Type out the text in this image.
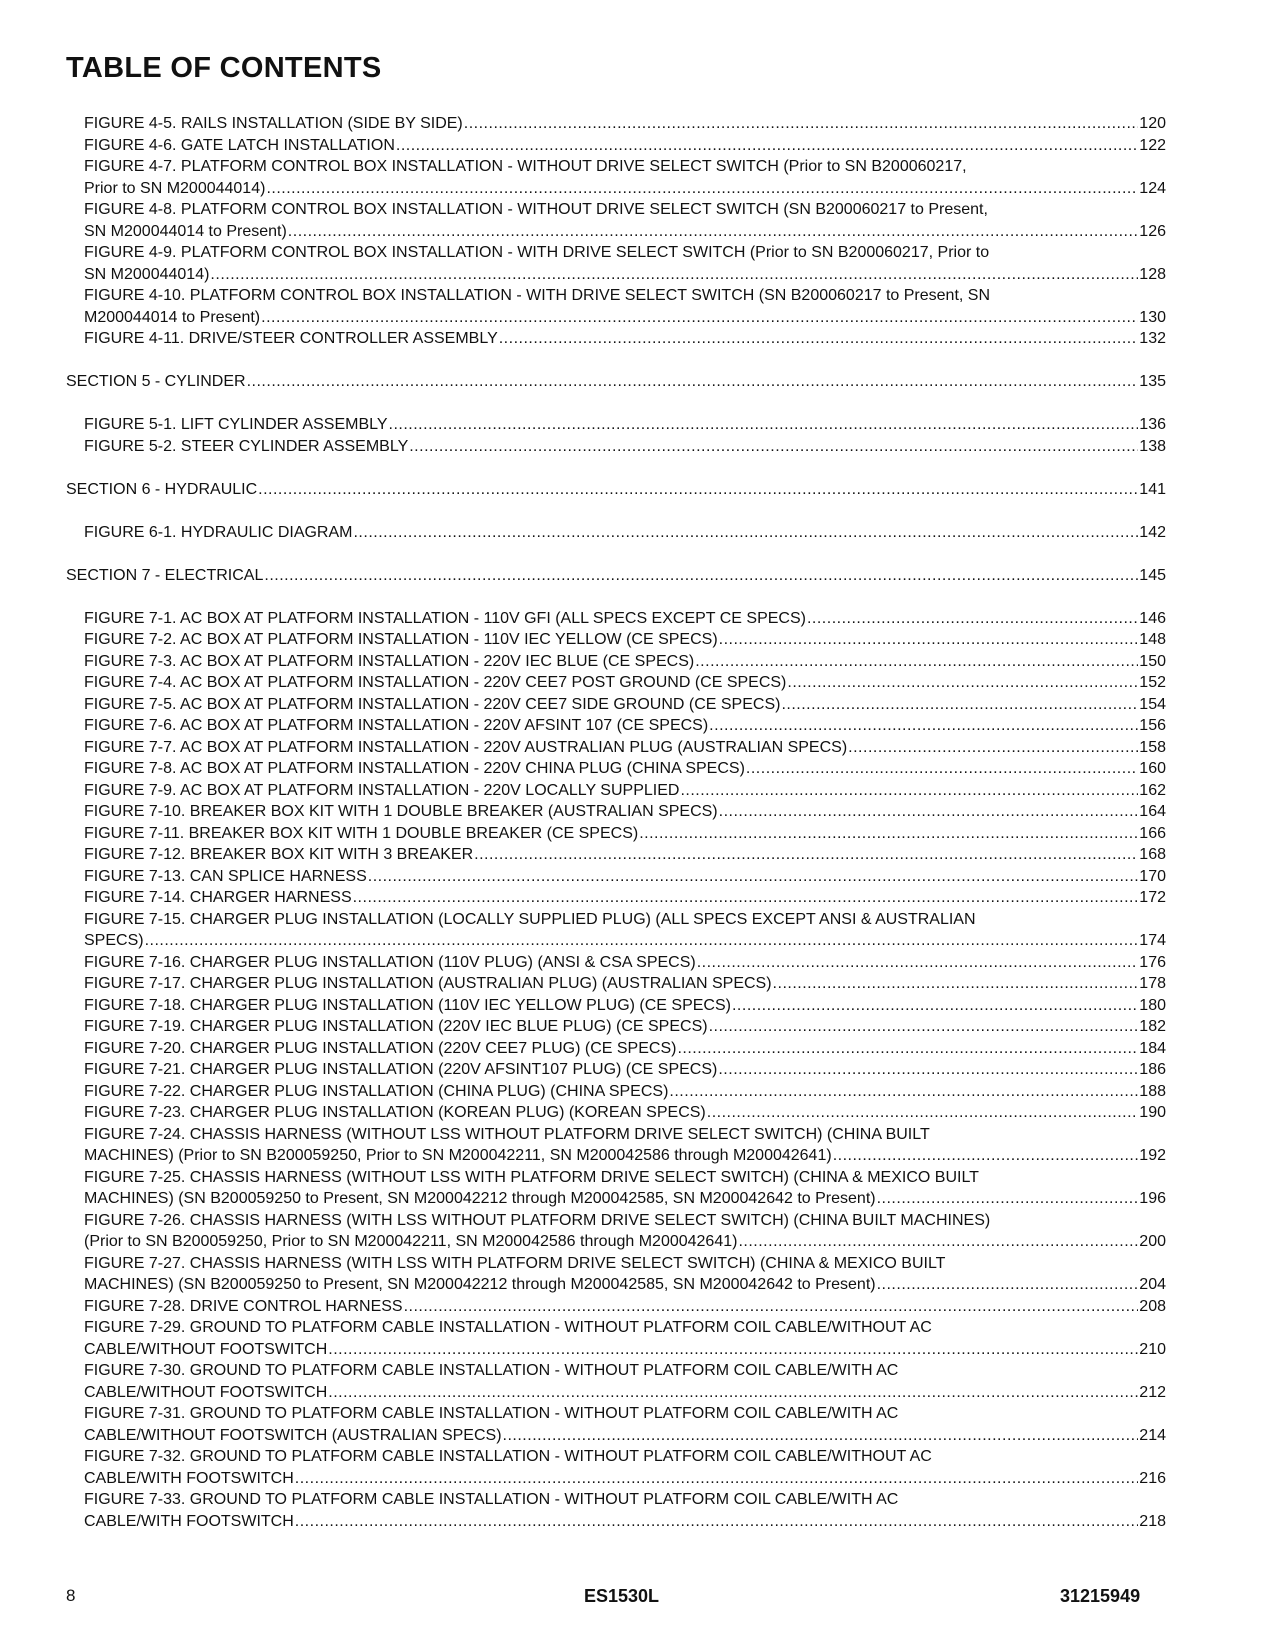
TABLE OF CONTENTS
FIGURE 4-5. RAILS INSTALLATION (SIDE BY SIDE) .....	120
FIGURE 4-6. GATE LATCH INSTALLATION .....	122
FIGURE 4-7. PLATFORM CONTROL BOX INSTALLATION - WITHOUT DRIVE SELECT SWITCH (Prior to SN B200060217,
Prior to SN M200044014) .....	124
FIGURE 4-8. PLATFORM CONTROL BOX INSTALLATION - WITHOUT DRIVE SELECT SWITCH (SN B200060217 to Present,
SN M200044014 to Present) .....	126
FIGURE 4-9. PLATFORM CONTROL BOX INSTALLATION - WITH DRIVE SELECT SWITCH (Prior to SN B200060217, Prior to
SN M200044014) .....	128
FIGURE 4-10. PLATFORM CONTROL BOX INSTALLATION - WITH DRIVE SELECT SWITCH (SN B200060217 to Present, SN
M200044014 to Present) .....	130
FIGURE 4-11. DRIVE/STEER CONTROLLER ASSEMBLY .....	132
SECTION 5 - CYLINDER .....	135
FIGURE 5-1. LIFT CYLINDER ASSEMBLY .....	136
FIGURE 5-2. STEER CYLINDER ASSEMBLY .....	138
SECTION 6 - HYDRAULIC .....	141
FIGURE 6-1. HYDRAULIC DIAGRAM .....	142
SECTION 7 - ELECTRICAL .....	145
FIGURE 7-1. AC BOX AT PLATFORM INSTALLATION - 110V GFI (ALL SPECS EXCEPT CE SPECS) .....	146
FIGURE 7-2. AC BOX AT PLATFORM INSTALLATION - 110V IEC YELLOW (CE SPECS) .....	148
FIGURE 7-3. AC BOX AT PLATFORM INSTALLATION - 220V IEC BLUE (CE SPECS) .....	150
FIGURE 7-4. AC BOX AT PLATFORM INSTALLATION - 220V CEE7 POST GROUND (CE SPECS) .....	152
FIGURE 7-5. AC BOX AT PLATFORM INSTALLATION - 220V CEE7 SIDE GROUND (CE SPECS) .....	154
FIGURE 7-6. AC BOX AT PLATFORM INSTALLATION - 220V AFSINT 107 (CE SPECS) .....	156
FIGURE 7-7. AC BOX AT PLATFORM INSTALLATION - 220V AUSTRALIAN PLUG (AUSTRALIAN SPECS) .....	158
FIGURE 7-8. AC BOX AT PLATFORM INSTALLATION - 220V CHINA PLUG (CHINA SPECS) .....	160
FIGURE 7-9. AC BOX AT PLATFORM INSTALLATION - 220V LOCALLY SUPPLIED .....	162
FIGURE 7-10. BREAKER BOX KIT WITH 1 DOUBLE BREAKER (AUSTRALIAN SPECS) .....	164
FIGURE 7-11. BREAKER BOX KIT WITH 1 DOUBLE BREAKER (CE SPECS) .....	166
FIGURE 7-12. BREAKER BOX KIT WITH 3 BREAKER .....	168
FIGURE 7-13. CAN SPLICE HARNESS .....	170
FIGURE 7-14. CHARGER HARNESS .....	172
FIGURE 7-15. CHARGER PLUG INSTALLATION (LOCALLY SUPPLIED PLUG) (ALL SPECS EXCEPT ANSI & AUSTRALIAN
SPECS) .....	174
FIGURE 7-16. CHARGER PLUG INSTALLATION (110V PLUG) (ANSI & CSA SPECS) .....	176
FIGURE 7-17. CHARGER PLUG INSTALLATION (AUSTRALIAN PLUG) (AUSTRALIAN SPECS) .....	178
FIGURE 7-18. CHARGER PLUG INSTALLATION (110V IEC YELLOW PLUG) (CE SPECS) .....	180
FIGURE 7-19. CHARGER PLUG INSTALLATION (220V IEC BLUE PLUG) (CE SPECS) .....	182
FIGURE 7-20. CHARGER PLUG INSTALLATION (220V CEE7 PLUG) (CE SPECS) .....	184
FIGURE 7-21. CHARGER PLUG INSTALLATION (220V AFSINT107 PLUG) (CE SPECS) .....	186
FIGURE 7-22. CHARGER PLUG INSTALLATION (CHINA PLUG) (CHINA SPECS) .....	188
FIGURE 7-23. CHARGER PLUG INSTALLATION (KOREAN PLUG) (KOREAN SPECS) .....	190
FIGURE 7-24. CHASSIS HARNESS (WITHOUT LSS WITHOUT PLATFORM DRIVE SELECT SWITCH) (CHINA BUILT
MACHINES) (Prior to SN B200059250, Prior to SN M200042211, SN M200042586 through M200042641) .....	192
FIGURE 7-25. CHASSIS HARNESS (WITHOUT LSS WITH PLATFORM DRIVE SELECT SWITCH) (CHINA & MEXICO BUILT
MACHINES) (SN B200059250 to Present, SN M200042212 through M200042585, SN M200042642 to Present) .....	196
FIGURE 7-26. CHASSIS HARNESS (WITH LSS WITHOUT PLATFORM DRIVE SELECT SWITCH) (CHINA BUILT MACHINES)
(Prior to SN B200059250, Prior to SN M200042211, SN M200042586 through M200042641) .....	200
FIGURE 7-27. CHASSIS HARNESS (WITH LSS WITH PLATFORM DRIVE SELECT SWITCH) (CHINA & MEXICO BUILT
MACHINES) (SN B200059250 to Present, SN M200042212 through M200042585, SN M200042642 to Present) .....	204
FIGURE 7-28. DRIVE CONTROL HARNESS .....	208
FIGURE 7-29. GROUND TO PLATFORM CABLE INSTALLATION - WITHOUT PLATFORM COIL CABLE/WITHOUT AC
CABLE/WITHOUT FOOTSWITCH .....	210
FIGURE 7-30. GROUND TO PLATFORM CABLE INSTALLATION - WITHOUT PLATFORM COIL CABLE/WITH AC
CABLE/WITHOUT FOOTSWITCH .....	212
FIGURE 7-31. GROUND TO PLATFORM CABLE INSTALLATION - WITHOUT PLATFORM COIL CABLE/WITH AC
CABLE/WITHOUT FOOTSWITCH (AUSTRALIAN SPECS) .....	214
FIGURE 7-32. GROUND TO PLATFORM CABLE INSTALLATION - WITHOUT PLATFORM COIL CABLE/WITHOUT AC
CABLE/WITH FOOTSWITCH .....	216
FIGURE 7-33. GROUND TO PLATFORM CABLE INSTALLATION - WITHOUT PLATFORM COIL CABLE/WITH AC
CABLE/WITH FOOTSWITCH .....	218
8	ES1530L	31215949
